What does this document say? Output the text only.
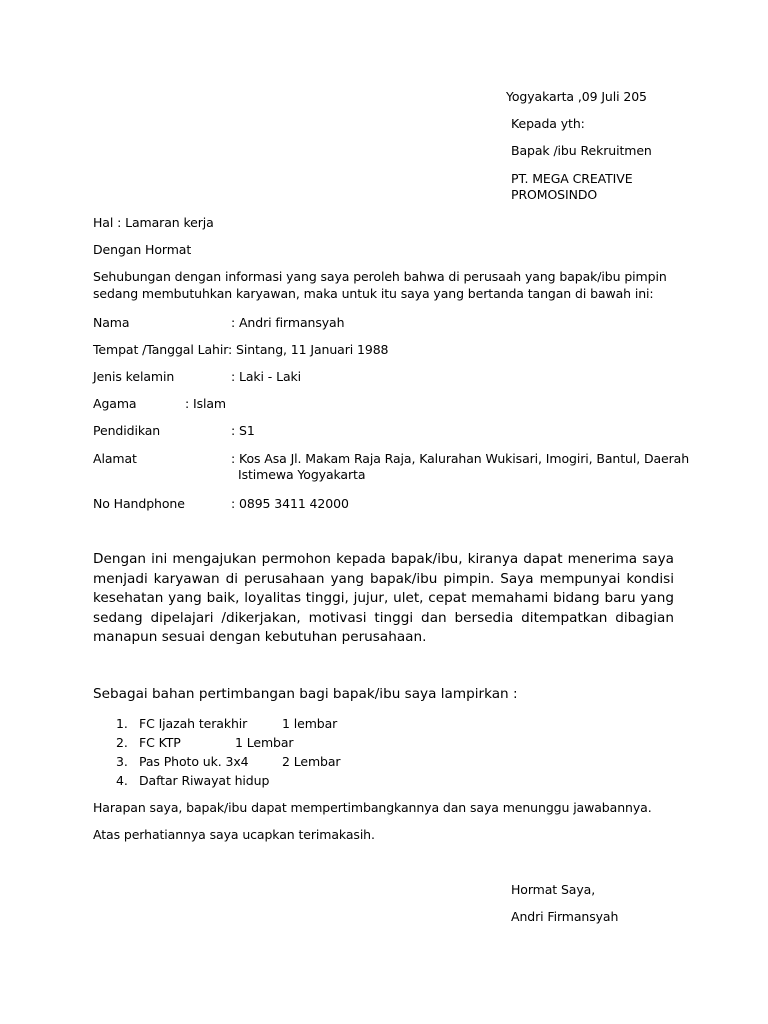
Yogyakarta ,09 Juli 205
Kepada yth:
Bapak /ibu Rekruitmen
PT. MEGA CREATIVE
PROMOSINDO
Hal : Lamaran kerja
Dengan Hormat
Sehubungan dengan informasi yang saya peroleh bahwa di perusaah yang bapak/ibu pimpin sedang membutuhkan karyawan, maka untuk itu saya yang bertanda tangan di bawah ini:
Nama	: Andri firmansyah
Tempat /Tanggal Lahir : Sintang, 11 Januari 1988
Jenis kelamin	: Laki - Laki
Agama	: Islam
Pendidikan	: S1
Alamat	: Kos Asa Jl. Makam Raja Raja, Kalurahan Wukisari, Imogiri, Bantul, Daerah
Istimewa Yogyakarta
No Handphone	: 0895 3411 42000
Dengan ini mengajukan permohon kepada bapak/ibu, kiranya dapat menerima saya menjadi karyawan di perusahaan yang bapak/ibu pimpin. Saya mempunyai kondisi kesehatan yang baik, loyalitas tinggi, jujur, ulet, cepat memahami bidang baru yang sedang dipelajari /dikerjakan, motivasi tinggi dan bersedia ditempatkan dibagian manapun sesuai dengan kebutuhan perusahaan.
Sebagai bahan pertimbangan bagi bapak/ibu saya lampirkan :
1. FC Ijazah terakhir	1 lembar
2. FC KTP	1 Lembar
3. Pas Photo uk. 3x4	2 Lembar
4. Daftar Riwayat hidup
Harapan saya, bapak/ibu dapat mempertimbangkannya dan saya menunggu jawabannya.
Atas perhatiannya saya ucapkan terimakasih.
Hormat Saya,
Andri Firmansyah
